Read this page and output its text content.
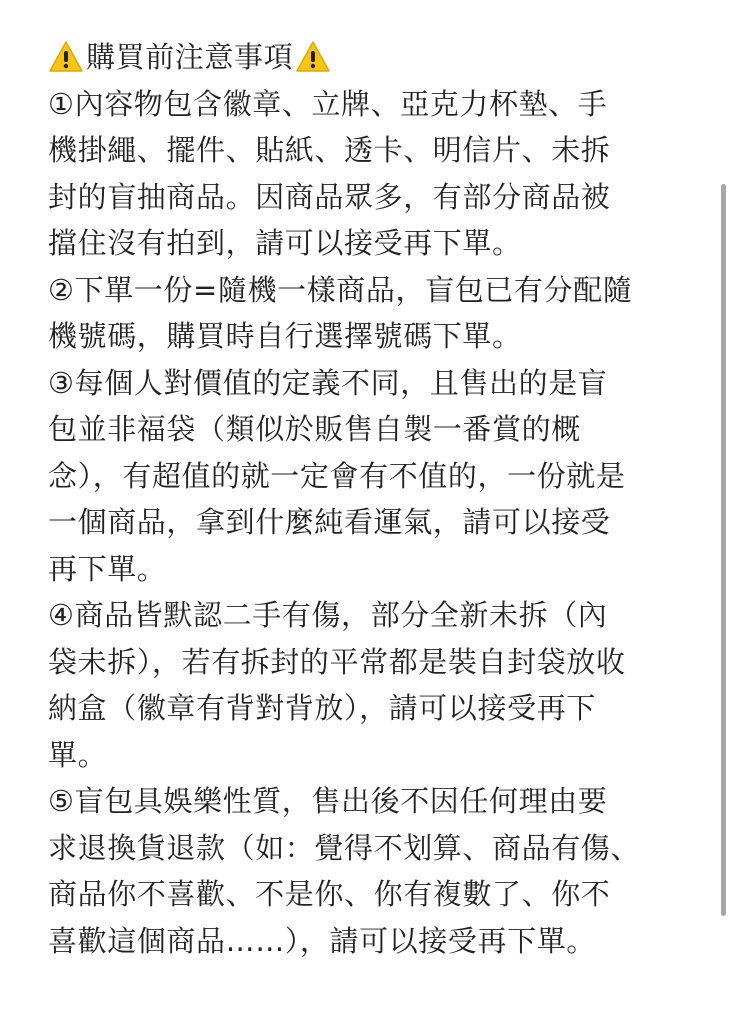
購買前注意事項
①內容物包含徽章、立牌、亞克力杯墊、手
機掛繩、擺件、貼紙、透卡、明信片、未拆
封的盲抽商品。因商品眾多，有部分商品被
擋住沒有拍到，請可以接受再下單。
②下單一份=隨機一樣商品，盲包已有分配隨
機號碼，購買時自行選擇號碼下單。
③每個人對價值的定義不同，且售出的是盲
包並非福袋（類似於販售自製一番賞的概
念），有超值的就一定會有不值的，一份就是
一個商品，拿到什麼純看運氣，請可以接受
再下單。
④商品皆默認二手有傷，部分全新未拆（內
袋未拆），若有拆封的平常都是裝自封袋放收
納盒（徽章有背對背放），請可以接受再下
單。
⑤盲包具娛樂性質，售出後不因任何理由要
求退換貨退款（如：覺得不划算、商品有傷、
商品你不喜歡、不是你、你有複數了、你不
喜歡這個商品……），請可以接受再下單。
